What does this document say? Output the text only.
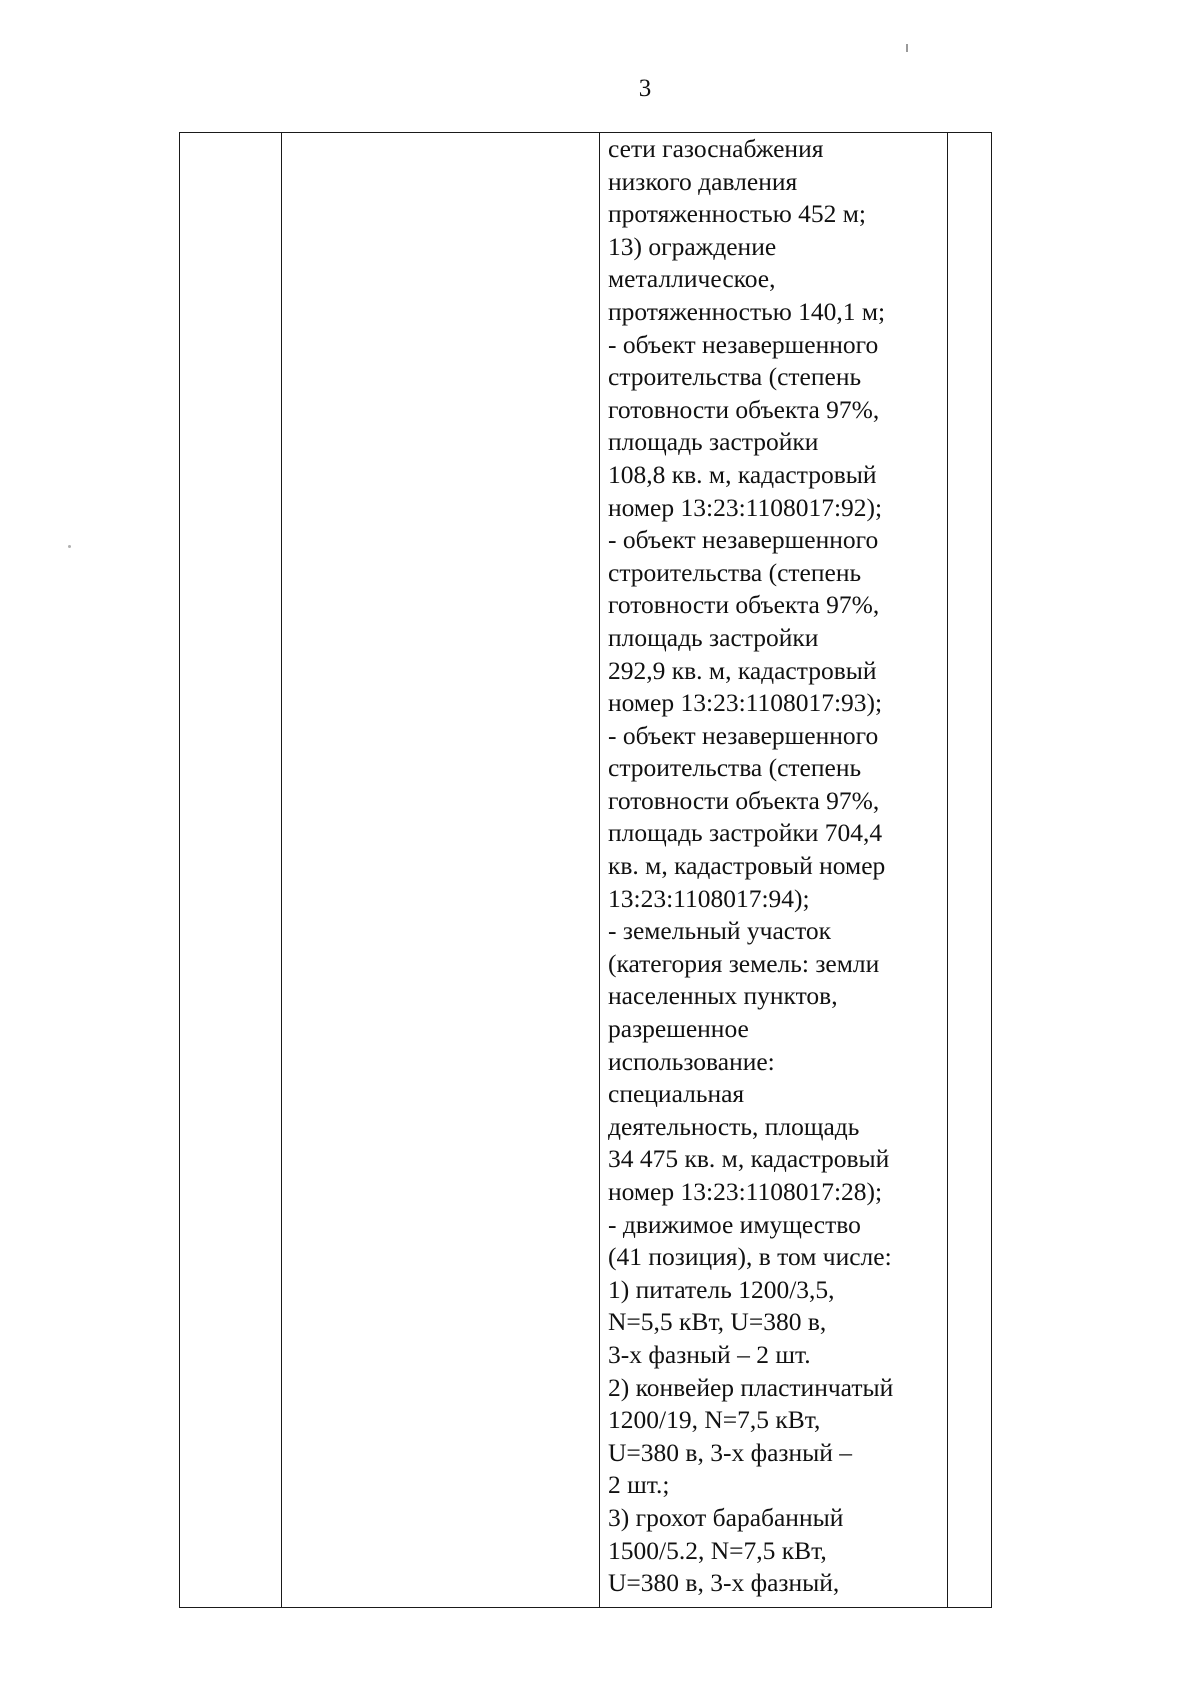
3
сети газоснабжения
низкого давления
протяженностью 452 м;
13) ограждение
металлическое,
протяженностью 140,1 м;
- объект незавершенного
строительства (степень
готовности объекта 97%,
площадь застройки
108,8 кв. м, кадастровый
номер 13:23:1108017:92);
- объект незавершенного
строительства (степень
готовности объекта 97%,
площадь застройки
292,9 кв. м, кадастровый
номер 13:23:1108017:93);
- объект незавершенного
строительства (степень
готовности объекта 97%,
площадь застройки 704,4
кв. м, кадастровый номер
13:23:1108017:94);
- земельный участок
(категория земель: земли
населенных пунктов,
разрешенное
использование:
специальная
деятельность, площадь
34 475 кв. м, кадастровый
номер 13:23:1108017:28);
- движимое имущество
(41 позиция), в том числе:
1) питатель 1200/3,5,
N=5,5 кВт, U=380 в,
3-х фазный – 2 шт.
2) конвейер пластинчатый
1200/19, N=7,5 кВт,
U=380 в, 3-х фазный –
2 шт.;
3) грохот барабанный
1500/5.2, N=7,5 кВт,
U=380 в, 3-х фазный,
